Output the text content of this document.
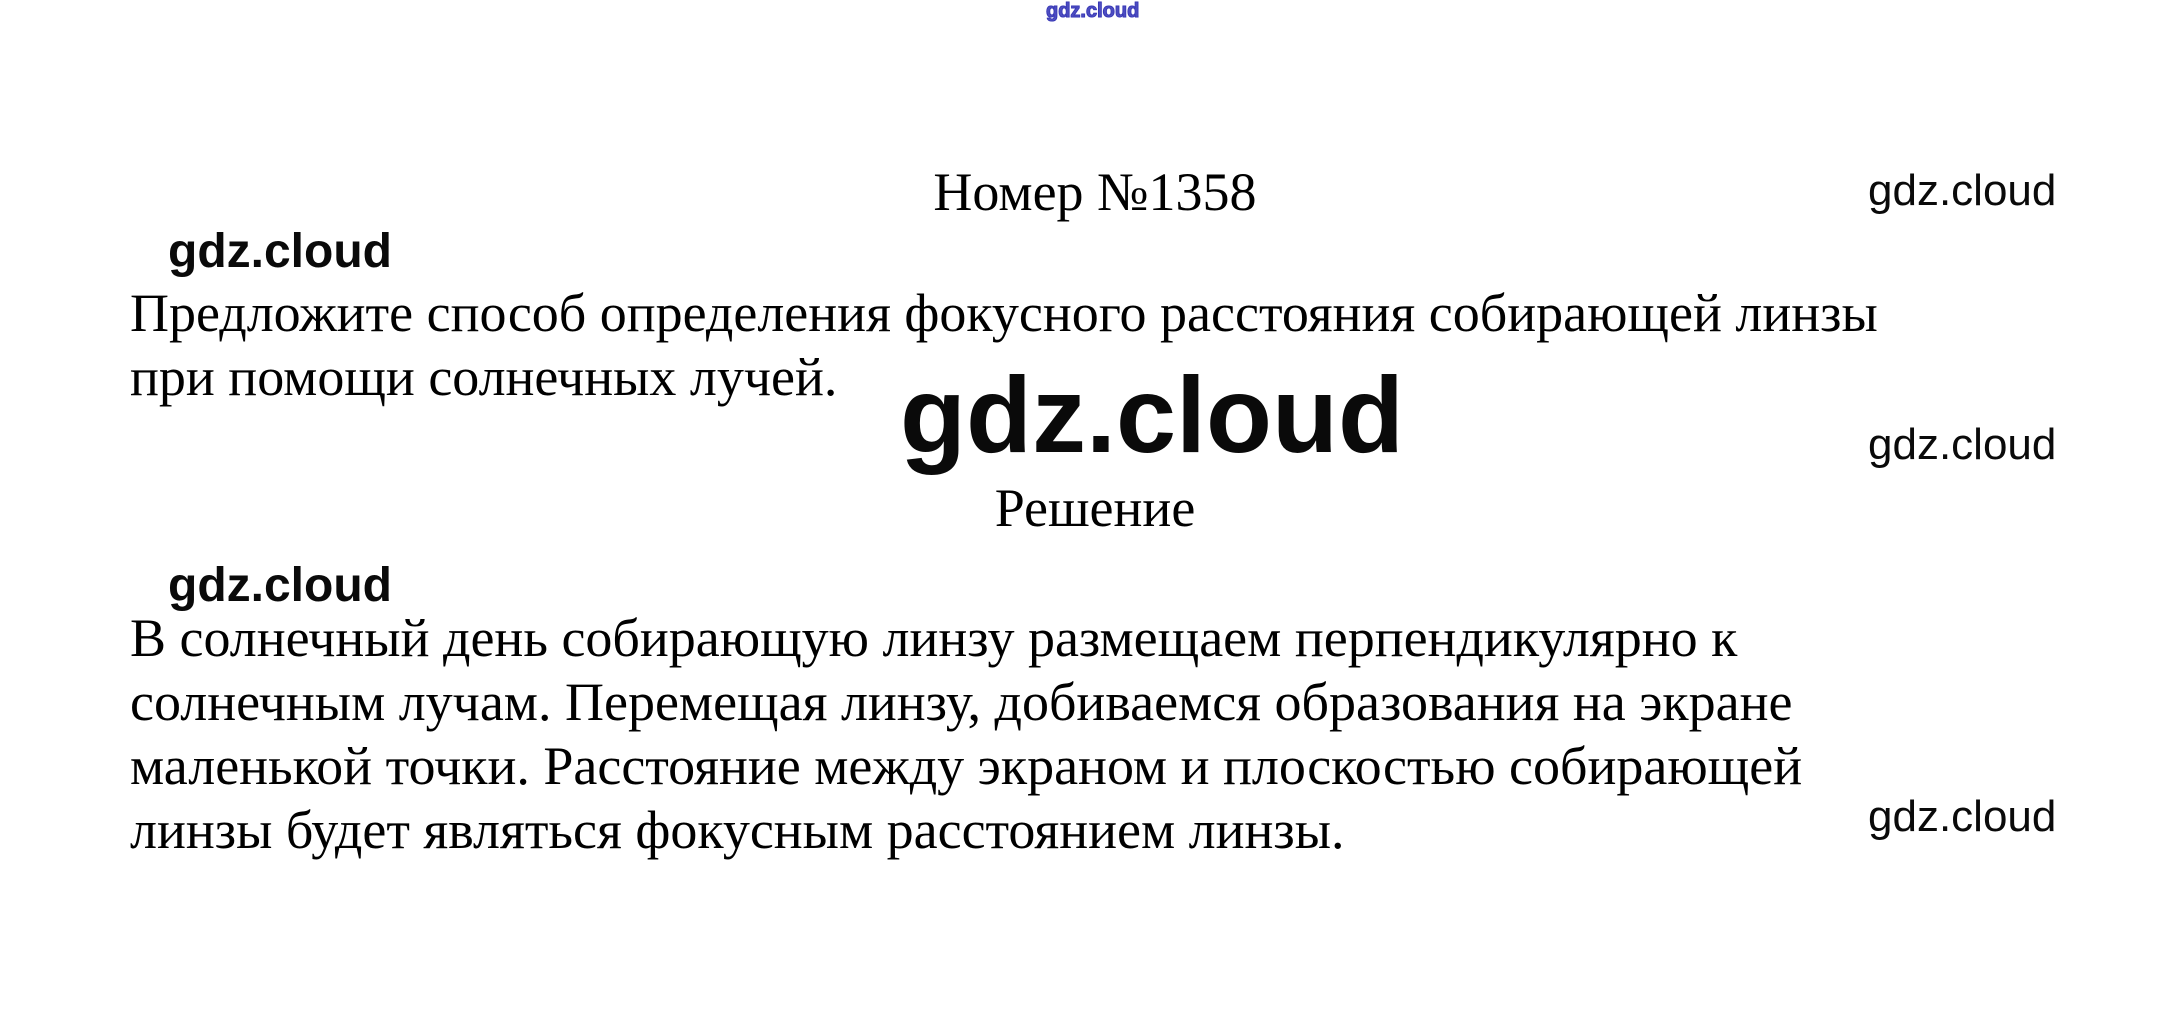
gdz.cloud
gdz.cloud
gdz.cloud
gdz.cloud	gdz.cloud
gdz.cloud
gdz.cloud
Номер №1358
Предложите способ определения фокусного расстояния собирающей линзы
при помощи солнечных лучей.
Решение
В солнечный день собирающую линзу размещаем перпендикулярно к
солнечным лучам. Перемещая линзу, добиваемся образования на экране
маленькой точки. Расстояние между экраном и плоскостью собирающей
линзы будет являться фокусным расстоянием линзы.
